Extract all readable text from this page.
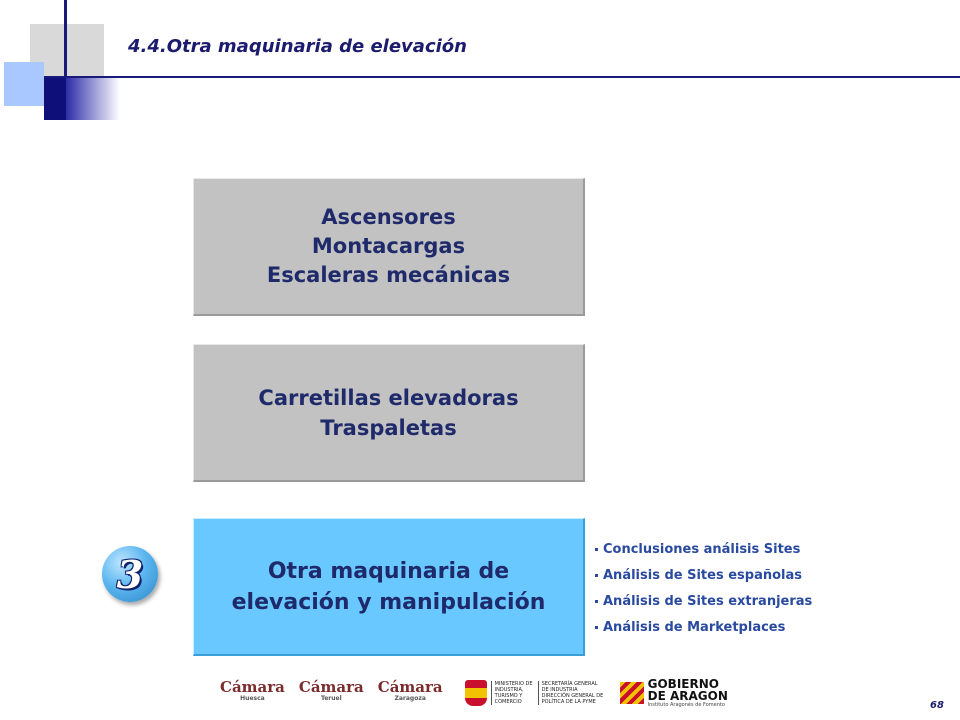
4.4.Otra maquinaria de elevación
Ascensores
Montacargas
Escaleras mecánicas
Carretillas elevadoras
Traspaletas
Otra maquinaria de
elevación y manipulación
3
Conclusiones análisis Sites
Análisis de Sites españolas
Análisis de Sites extranjeras
Análisis de Marketplaces
Cámara
Huesca
Cámara
Teruel
Cámara
Zaragoza
MINISTERIO DE INDUSTRIA, TURISMO Y COMERCIO
SECRETARÍA GENERAL DE INDUSTRIA DIRECCIÓN GENERAL DE POLÍTICA DE LA PYME
GOBIERNO
DE ARAGON
Instituto Aragonés de Fomento	68
